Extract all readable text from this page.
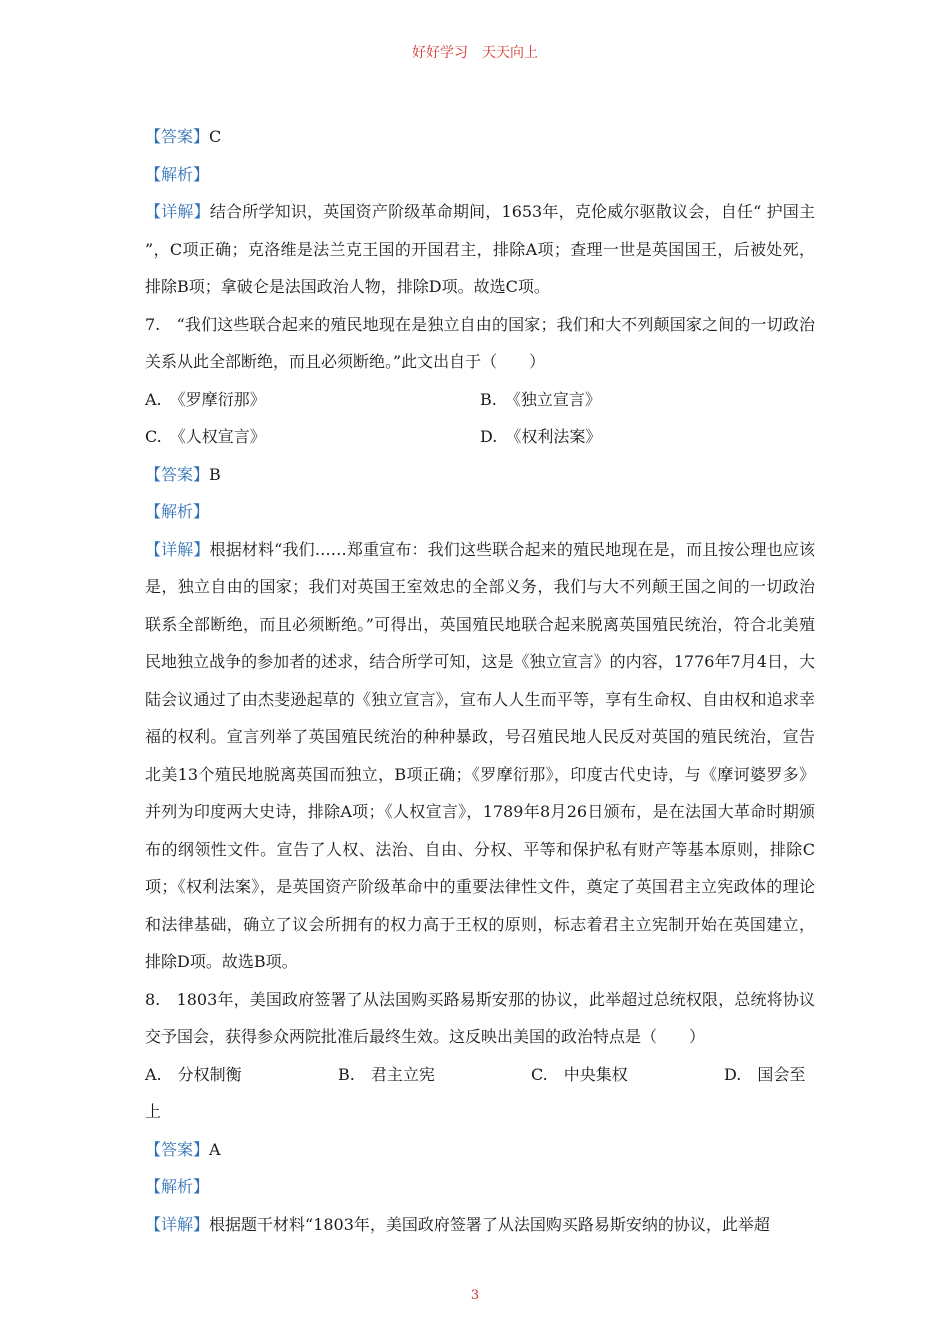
好好学习　天天向上
【答案】C
【解析】
【详解】结合所学知识，英国资产阶级革命期间，1653年，克伦威尔驱散议会，自任“ 护国主 ”，C项正确；克洛维是法兰克王国的开国君主，排除A项；查理一世是英国国王，后被处死，排除B项；拿破仑是法国政治人物，排除D项。故选C项。
7.　“我们这些联合起来的殖民地现在是独立自由的国家；我们和大不列颠国家之间的一切政治关系从此全部断绝，而且必须断绝。”此文出自于（　　）
A.　《罗摩衍那》	B.　《独立宣言》
C.　《人权宣言》	D.　《权利法案》
【答案】B
【解析】
【详解】根据材料“我们……郑重宣布：我们这些联合起来的殖民地现在是，而且按公理也应该是，独立自由的国家；我们对英国王室效忠的全部义务，我们与大不列颠王国之间的一切政治联系全部断绝，而且必须断绝。”可得出，英国殖民地联合起来脱离英国殖民统治，符合北美殖民地独立战争的参加者的述求，结合所学可知，这是《独立宣言》的内容，1776年7月4日，大陆会议通过了由杰斐逊起草的《独立宣言》，宣布人人生而平等，享有生命权、自由权和追求幸福的权利。宣言列举了英国殖民统治的种种暴政，号召殖民地人民反对英国的殖民统治，宣告北美13个殖民地脱离英国而独立，B项正确；《罗摩衍那》，印度古代史诗，与《摩诃婆罗多》并列为印度两大史诗，排除A项；《人权宣言》，1789年8月26日颁布，是在法国大革命时期颁布的纲领性文件。宣告了人权、法治、自由、分权、平等和保护私有财产等基本原则，排除C项；《权利法案》，是英国资产阶级革命中的重要法律性文件，奠定了英国君主立宪政体的理论和法律基础，确立了议会所拥有的权力高于王权的原则，标志着君主立宪制开始在英国建立，排除D项。故选B项。
8.　1803年，美国政府签署了从法国购买路易斯安那的协议，此举超过总统权限，总统将协议交予国会，获得参众两院批准后最终生效。这反映出美国的政治特点是（　　）
A.　分权制衡	B.　君主立宪	C.　中央集权	D.　国会至
上
【答案】A
【解析】
【详解】根据题干材料“1803年，美国政府签署了从法国购买路易斯安纳的协议，此举超
3
